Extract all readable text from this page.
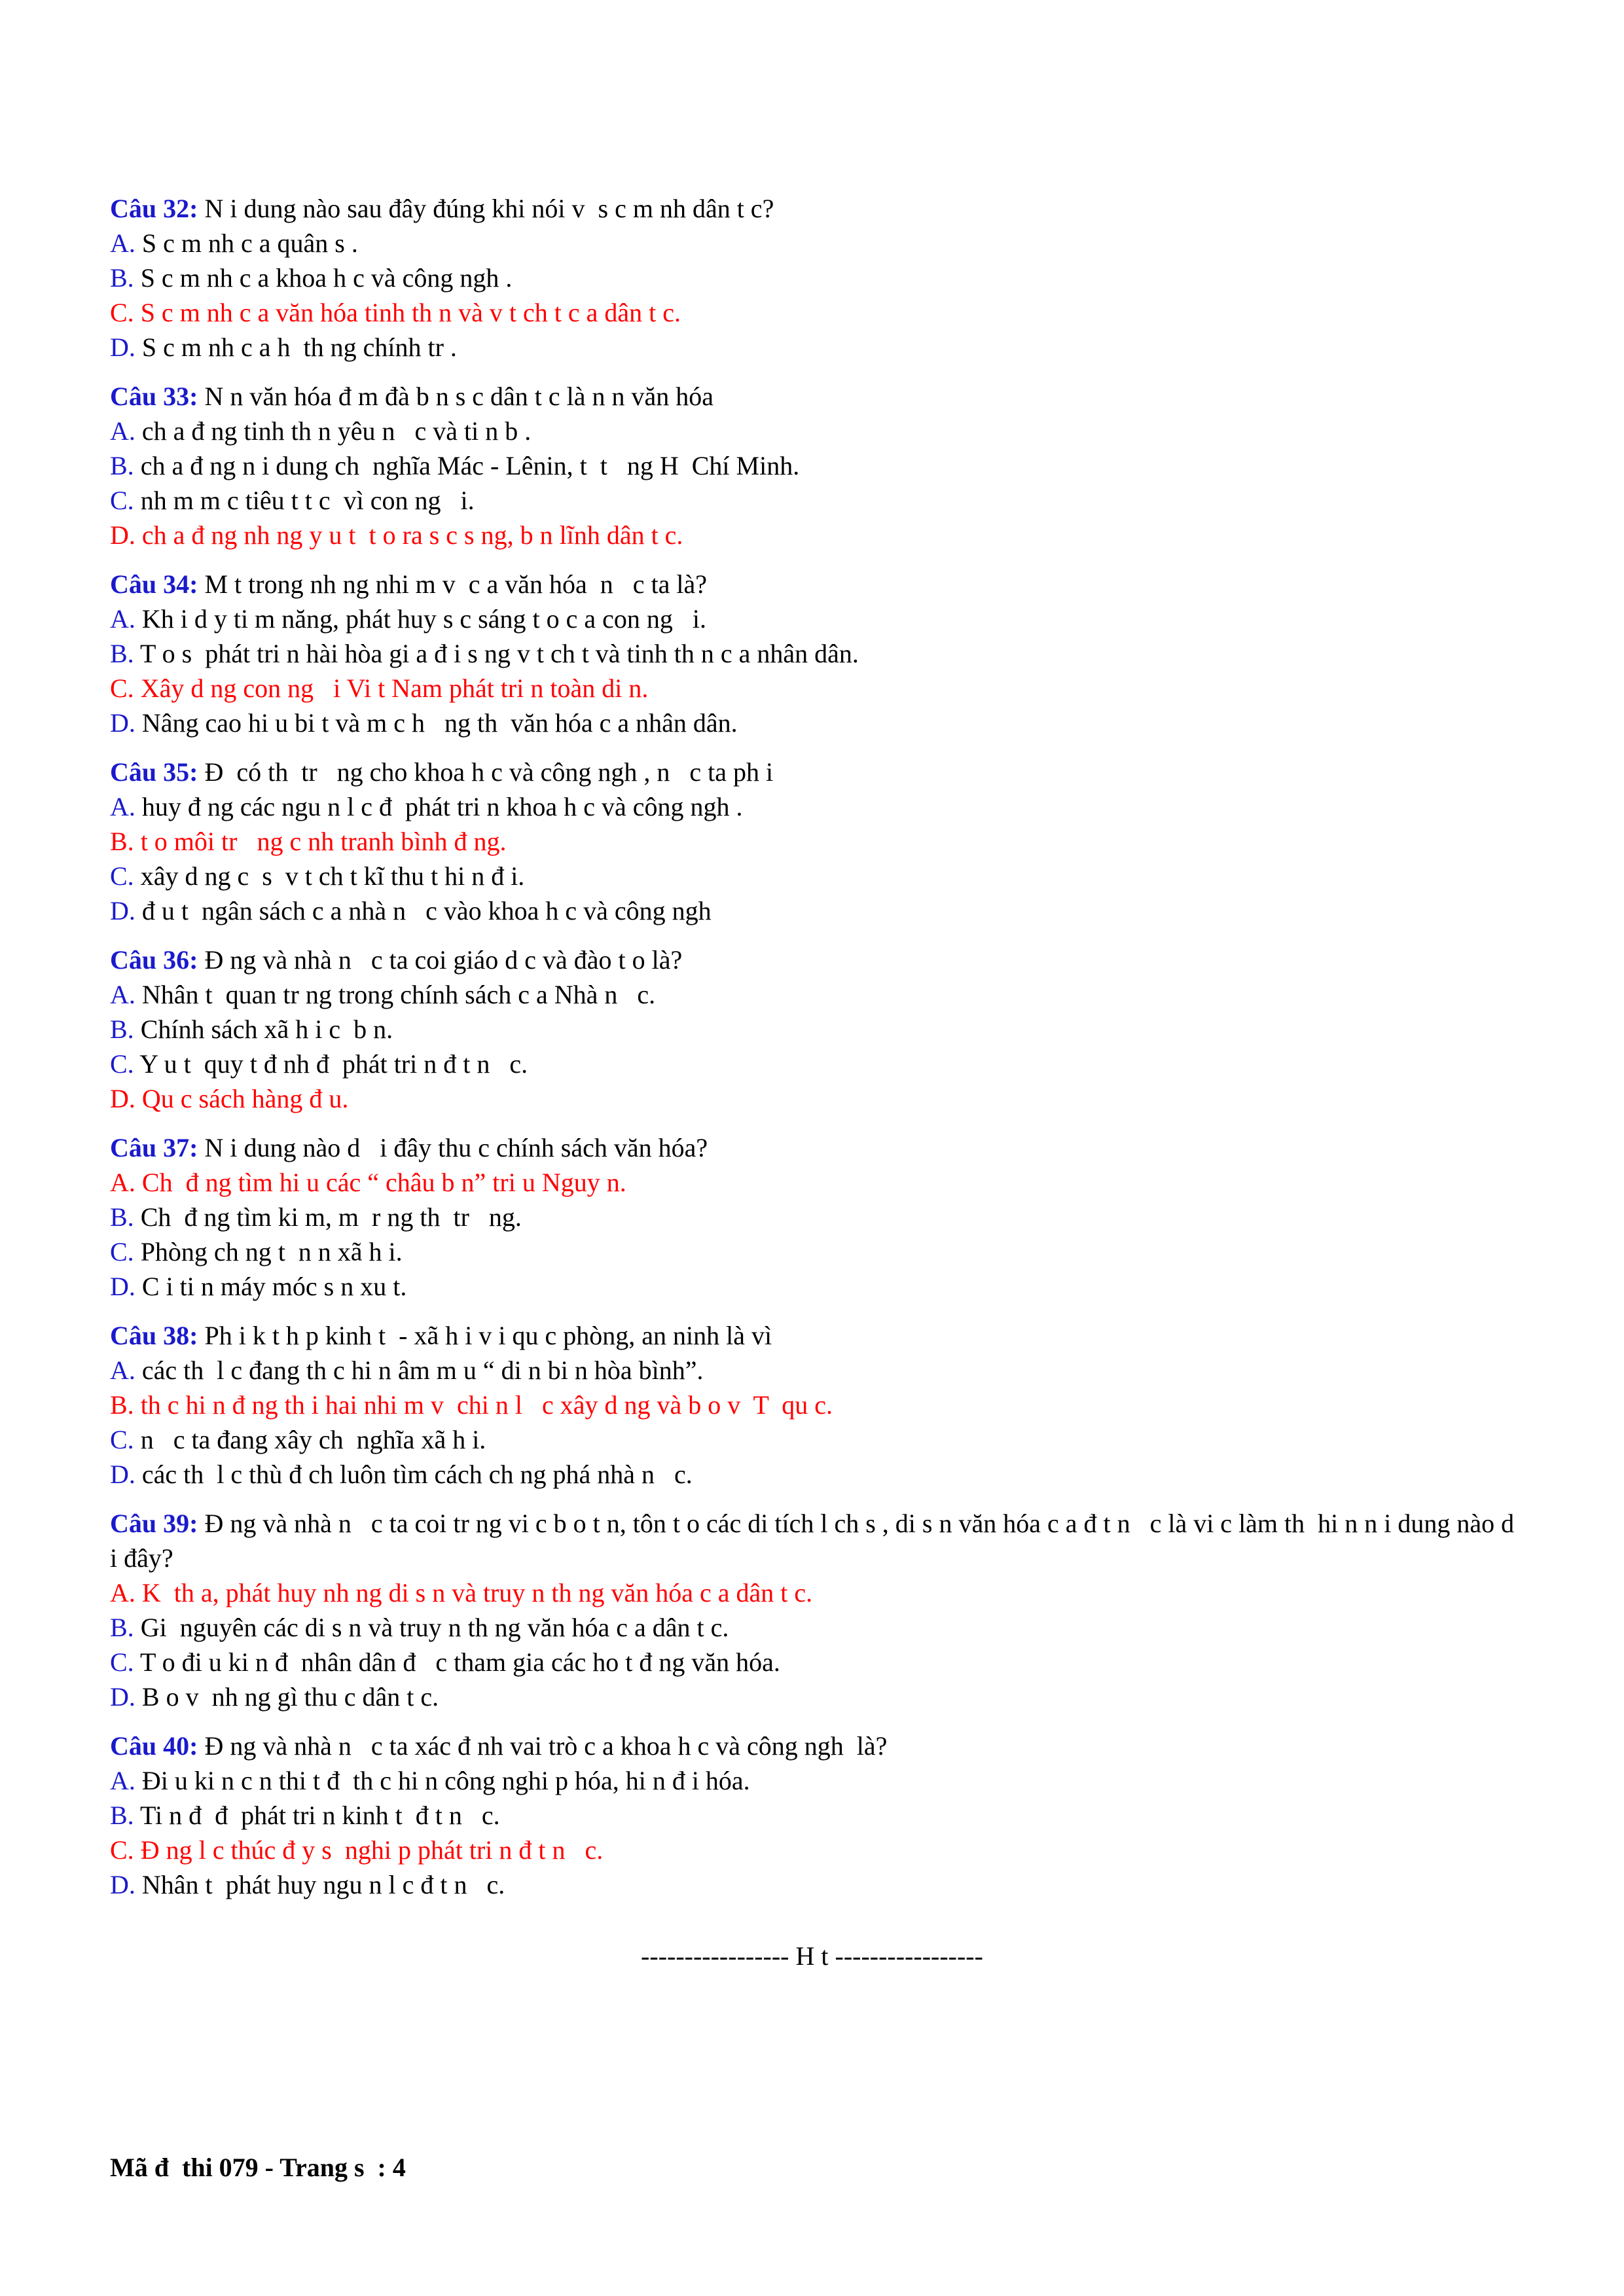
Câu 32: N i dung nào sau đây đúng khi nói v  s c m nh dân t c?
A. S c m nh c a quân s .
B. S c m nh c a khoa h c và công ngh .
C. S c m nh c a văn hóa tinh th n và v t ch t c a dân t c.
D. S c m nh c a h  th ng chính tr .
Câu 33: N n văn hóa đ m đà b n s c dân t c là n n văn hóa
A. ch a đ ng tinh th n yêu n   c và ti n b .
B. ch a đ ng n i dung ch  nghĩa Mác - Lênin, t  t   ng H  Chí Minh.
C. nh m m c tiêu t t c  vì con ng   i.
D. ch a đ ng nh ng y u t  t o ra s c s ng, b n lĩnh dân t c.
Câu 34: M t trong nh ng nhi m v  c a văn hóa  n   c ta là?
A. Kh i d y ti m năng, phát huy s c sáng t o c a con ng   i.
B. T o s  phát tri n hài hòa gi a đ i s ng v t ch t và tinh th n c a nhân dân.
C. Xây d ng con ng   i Vi t Nam phát tri n toàn di n.
D. Nâng cao hi u bi t và m c h   ng th  văn hóa c a nhân dân.
Câu 35: Đ  có th  tr   ng cho khoa h c và công ngh , n   c ta ph i
A. huy đ ng các ngu n l c đ  phát tri n khoa h c và công ngh .
B. t o môi tr   ng c nh tranh bình đ ng.
C. xây d ng c  s  v t ch t kĩ thu t hi n đ i.
D. đ u t  ngân sách c a nhà n   c vào khoa h c và công ngh
Câu 36: Đ ng và nhà n   c ta coi giáo d c và đào t o là?
A. Nhân t  quan tr ng trong chính sách c a Nhà n   c.
B. Chính sách xã h i c  b n.
C. Y u t  quy t đ nh đ  phát tri n đ t n   c.
D. Qu c sách hàng đ u.
Câu 37: N i dung nào d   i đây thu c chính sách văn hóa?
A. Ch  đ ng tìm hi u các “ châu b n” tri u Nguy n.
B. Ch  đ ng tìm ki m, m  r ng th  tr   ng.
C. Phòng ch ng t  n n xã h i.
D. C i ti n máy móc s n xu t.
Câu 38: Ph i k t h p kinh t  - xã h i v i qu c phòng, an ninh là vì
A. các th  l c đang th c hi n âm m u “ di n bi n hòa bình”.
B. th c hi n đ ng th i hai nhi m v  chi n l   c xây d ng và b o v  T  qu c.
C. n   c ta đang xây ch  nghĩa xã h i.
D. các th  l c thù đ ch luôn tìm cách ch ng phá nhà n   c.
Câu 39: Đ ng và nhà n   c ta coi tr ng vi c b o t n, tôn t o các di tích l ch s , di s n văn hóa c a đ t n   c là vi c làm th  hi n n i dung nào d   i đây?
A. K  th a, phát huy nh ng di s n và truy n th ng văn hóa c a dân t c.
B. Gi  nguyên các di s n và truy n th ng văn hóa c a dân t c.
C. T o đi u ki n đ  nhân dân đ   c tham gia các ho t đ ng văn hóa.
D. B o v  nh ng gì thu c dân t c.
Câu 40: Đ ng và nhà n   c ta xác đ nh vai trò c a khoa h c và công ngh  là?
A. Đi u ki n c n thi t đ  th c hi n công nghi p hóa, hi n đ i hóa.
B. Ti n đ  đ  phát tri n kinh t  đ t n   c.
C. Đ ng l c thúc đ y s  nghi p phát tri n đ t n   c.
D. Nhân t  phát huy ngu n l c đ t n   c.
----------------- H t -----------------
Mã đ  thi 079 - Trang s  : 4
